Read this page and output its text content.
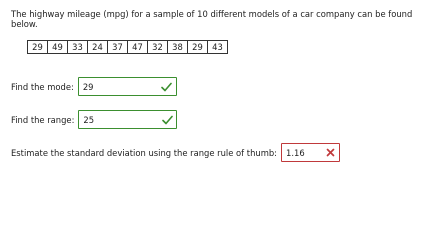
The highway mileage (mpg) for a sample of 10 different models of a car company can be found below.
29	49	33	24	37	47	32	38	29	43
Find the mode: 29
Find the range: 25
Estimate the standard deviation using the range rule of thumb: 1.16
